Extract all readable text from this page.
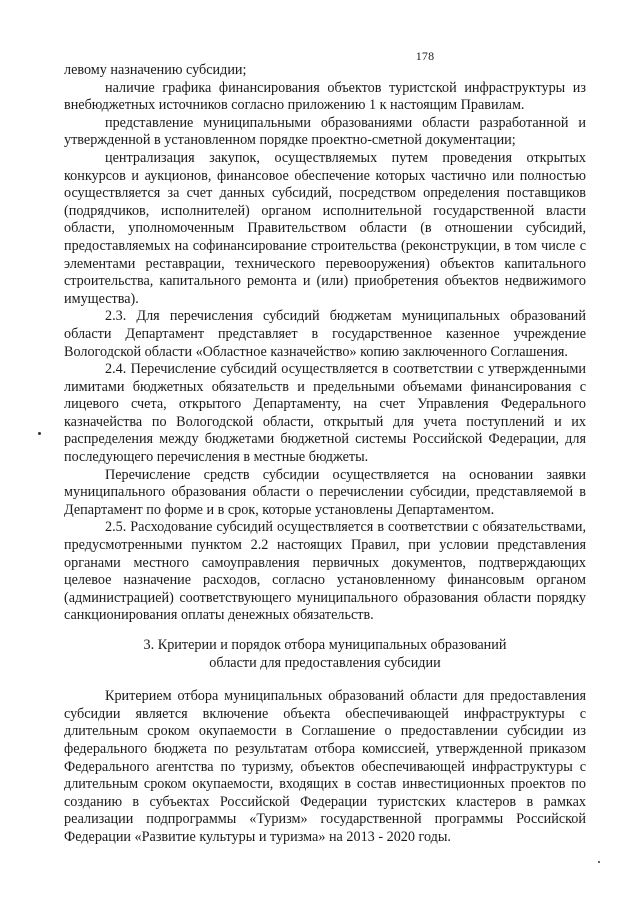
178

левому назначению субсидии;

наличие графика финансирования объектов туристской инфраструктуры из внебюджетных источников согласно приложению 1 к настоящим Правилам.

представление муниципальными образованиями области разработанной и утвержденной в установленном порядке проектно-сметной документации;

централизация закупок, осуществляемых путем проведения открытых конкурсов и аукционов, финансовое обеспечение которых частично или полностью осуществляется за счет данных субсидий, посредством определения поставщиков (подрядчиков, исполнителей) органом исполнительной государственной власти области, уполномоченным Правительством области (в отношении субсидий, предоставляемых на софинансирование строительства (реконструкции, в том числе с элементами реставрации, технического перевооружения) объектов капитального строительства, капитального ремонта и (или) приобретения объектов недвижимого имущества).

2.3. Для перечисления субсидий бюджетам муниципальных образований области Департамент представляет в государственное казенное учреждение Вологодской области «Областное казначейство» копию заключенного Соглашения.

2.4. Перечисление субсидий осуществляется в соответствии с утвержденными лимитами бюджетных обязательств и предельными объемами финансирования с лицевого счета, открытого Департаменту, на счет Управления Федерального казначейства по Вологодской области, открытый для учета поступлений и их распределения между бюджетами бюджетной системы Российской Федерации, для последующего перечисления в местные бюджеты.

Перечисление средств субсидии осуществляется на основании заявки муниципального образования области о перечислении субсидии, представляемой в Департамент по форме и в срок, которые установлены Департаментом.

2.5. Расходование субсидий осуществляется в соответствии с обязательствами, предусмотренными пунктом 2.2 настоящих Правил, при условии представления органами местного самоуправления первичных документов, подтверждающих целевое назначение расходов, согласно установленному финансовым органом (администрацией) соответствующего муниципального образования области порядку санкционирования оплаты денежных обязательств.

3. Критерии и порядок отбора муниципальных образований
области для предоставления субсидии

Критерием отбора муниципальных образований области для предоставления субсидии является включение объекта обеспечивающей инфраструктуры с длительным сроком окупаемости в Соглашение о предоставлении субсидии из федерального бюджета по результатам отбора комиссией, утвержденной приказом Федерального агентства по туризму, объектов обеспечивающей инфраструктуры с длительным сроком окупаемости, входящих в состав инвестиционных проектов по созданию в субъектах Российской Федерации туристских кластеров в рамках реализации подпрограммы «Туризм» государственной программы Российской Федерации «Развитие культуры и туризма» на 2013 - 2020 годы.
